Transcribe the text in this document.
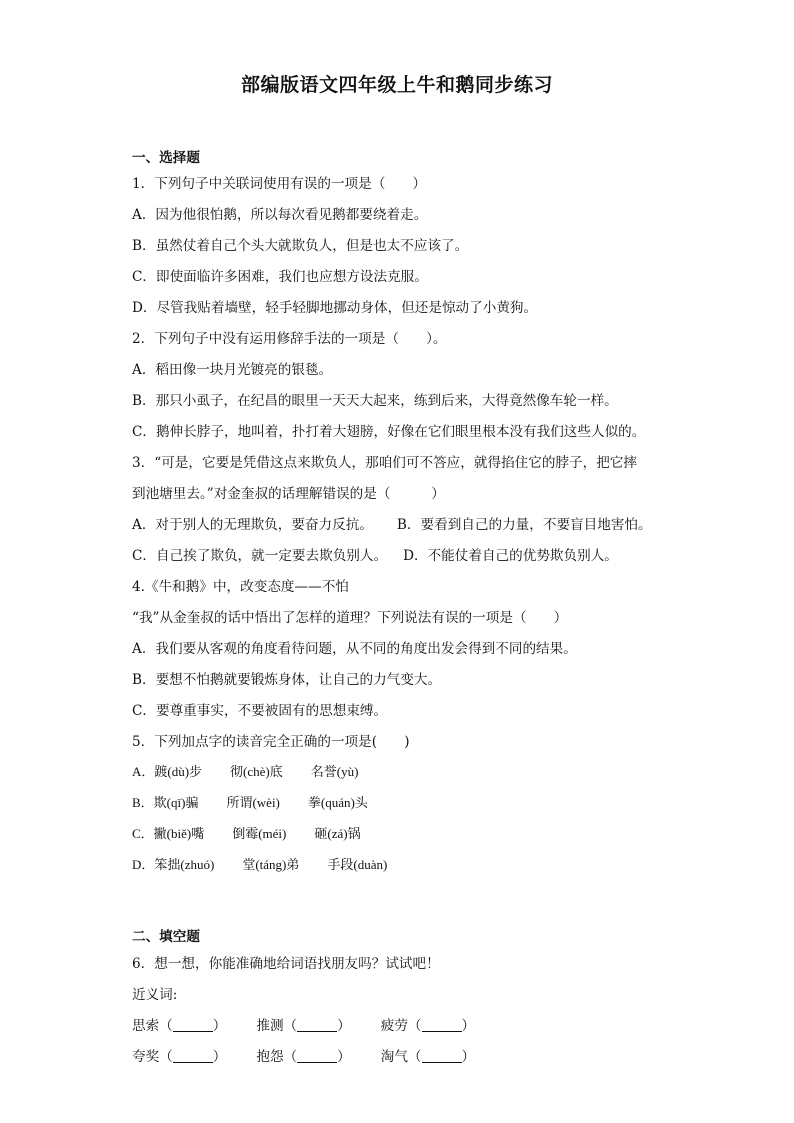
部编版语文四年级上牛和鹅同步练习
一、选择题
1．下列句子中关联词使用有误的一项是（　　）
A．因为他很怕鹅，所以每次看见鹅都要绕着走。
B．虽然仗着自己个头大就欺负人，但是也太不应该了。
C．即使面临许多困难，我们也应想方设法克服。
D．尽管我贴着墙壁，轻手轻脚地挪动身体，但还是惊动了小黄狗。
2．下列句子中没有运用修辞手法的一项是（　　）。
A．稻田像一块月光镀亮的银毯。
B．那只小虱子，在纪昌的眼里一天天大起来，练到后来，大得竟然像车轮一样。
C．鹅伸长脖子，地叫着，扑打着大翅膀，好像在它们眼里根本没有我们这些人似的。
3．“可是，它要是凭借这点来欺负人，那咱们可不答应，就得掐住它的脖子，把它摔
到池塘里去。”对金奎叔的话理解错误的是（　　　）
A．对于别人的无理欺负，要奋力反抗。 B．要看到自己的力量，不要盲目地害怕。
C．自己挨了欺负，就一定要去欺负别人。 D．不能仗着自己的优势欺负别人。
4.《牛和鹅》中，改变态度——不怕
“我”从金奎叔的话中悟出了怎样的道理？下列说法有误的一项是（　　）
A．我们要从客观的角度看待问题，从不同的角度出发会得到不同的结果。
B．要想不怕鹅就要锻炼身体，让自己的力气变大。
C．要尊重事实，不要被固有的思想束缚。
5．下列加点字的读音完全正确的一项是(　　)
A．踱(dù)步 彻(chè)底 名誉(yù)
B．欺(qī)骗 所谓(wèi) 拳(quán)头
C．撇(biě)嘴 倒霉(méi) 砸(zá)锅
D．笨拙(zhuó) 堂(táng)弟 手段(duàn)
二、填空题
6．想一想，你能准确地给词语找朋友吗？试试吧！
近义词:
思索（	） 推测（	） 疲劳（	）
夸奖（	） 抱怨（	） 淘气（	）
